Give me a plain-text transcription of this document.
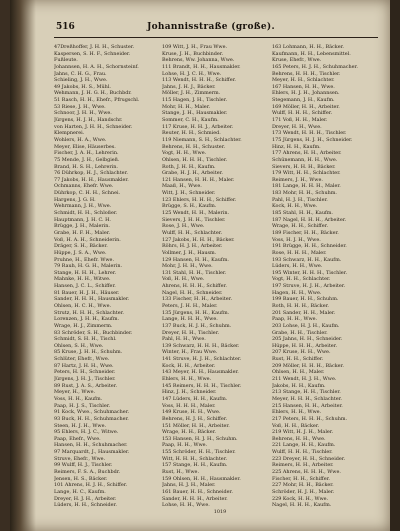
516	Johannisstraße (große).
47Dreßhoffer, J. H. H., Schuster.
Kaspersen, S. H. F., Schneider.
Fußleute.
Johannsen, H. A. H., Schornsteinf.
Jahns, C. H. G., Frau.
Schieling, J. H., Wwe.
49 Jakobs, H. S., Mühl.
Wehmann, J. H. G. H., Buchbdr.
51 Rasch, H. H., Ehefr., Pfrugschl.
53 Riese, J. H., Wwe.
Schnoor, J. H. H., Wwe.
Jürgens, H. J. H., Handschr.
von Harten, J. H. H., Schneider.
Klempnerei.
Wohlers, H. A., Wwe.
Meyer, Elise, Häuserbes.
Fischer, J. A. H., Lehrerin.
75 Mende, J. H., Gelbgieß.
Brand, H. S. H., Lehrerin.
76 Dührkop, H. J., Schlachter.
77 Jakobs, H. H., Hausmakler.
Ochmanns, Ehefr. Wwe.
Dührkop, C. H. H., Schnei.
Hargens, J. G. H.
Wehrmann, J. H., Wwe.
Schmidt, H. H., Schloßer.
Hauptmann, J. H. C. H.
Brügge, J. H., Malerin.
Grabe, H. F. H., Maler.
Voß, H. A. H., Schneiderin.
Dräger, S. H., Bäcker.
Hüppe, J. S. A., Wwe.
Pruhne, H., Ehefr. Wwe.
79 Rauh, H. G. H., Malerin.
Stange, H. H. H., Lehrer.
Mahnke, H. H., Witwe.
Hansen, J. C. L., Schiffer.
81 Bauer, H. J. H., Häuser.
Sander, H. H. H., Hausmakler.
Ohlsen, H. C. H., Wwe.
Strutz, H. H. H., Schlachter.
Lorenzen, J. H. H., Kaufm.
Wrage, H. J., Zimmerm.
83 Schröder, S. H., Buchbinder.
Schmidt, S. H. H., Tischl.
Ohlsen, S. H., Wwe.
85 Kruse, J. H. H., Schuhm.
Schlüter, Ehefr., Wwe.
87 Hartz, J. H. H., Wwe.
Peters, H. H., Schneider.
Jürgens, J. H. J., Tischler.
89 Rust, J. A. S., Arbeiter.
Meyer, H., Wwe.
Voss, H. H., Kaufm.
Paap, H. J. S., Tischler.
91 Kock, Wwe., Schuhmacher.
93 Buck, H. H., Schuhmacher.
Steen, H. J. H., Wwe.
95 Ehlers, H. J. C., Witwe.
Paap, Ehefr., Wwe.
Hansen, H. H., Schuhmacher.
97 Marquardt, J., Hausmakler.
Struve, Ehefr., Wwe.
99 Wulff, H. J., Tischler.
Reimers, F. S. A., Buchbdr.
Jensen, H. S., Bäcker.
101 Ahrens, H. J. H., Schiffer.
Lange, H. C., Kaufm.
Dreyer, H. J. H., Arbeiter.
Lüders, H. H., Schneider.
109 Witt, J. H., Frau Wwe.
Kruse, J. H., Buchbinder.
Behrens, Ww. Johanna, Wwe.
111 Brandt, H. H., Hausmakler.
Lohse, H. J. C. H., Wwe.
113 Wendt, H. H. H., Schiffer.
Jahns, J. H. J., Bäcker.
Möller, J. H., Zimmerm.
115 Hagen, J. H., Tischler.
Mohr, H. H., Maler.
Stange, J. H., Hausmakler.
Sommer, C. H., Kaufm.
117 Kruse, H. H. J., Arbeiter.
Reuter, H. H., Schmied.
119 Niemann, S. H., Schlachter.
Behrens, H. H., Schuster.
Vogt, H. H., Wwe.
Ohlsen, H. H. H., Tischler.
Roth, J. H. H., Kaufm.
Grabe, H. J. H., Arbeiter.
121 Hansen, H. H. H., Maler.
Maaß, H., Wwe.
Witt, J. H., Schneider.
123 Ehlers, H. H. H., Schiffer.
Brügge, S. H., Kaufm.
125 Wendt, H. H., Malerin.
Sievers, J. H. H., Tischler.
Rose, J. H., Wwe.
Wulff, H. H., Schlachter.
127 Jakobs, H. H. H., Bäcker.
Röhrs, H. J. H., Arbeiter.
Vollmer, J. H., Hausm.
129 Hansen, H. H., Kaufm.
Mohr, J. H. H., Wwe.
131 Stahl, H. H., Tischler.
Voß, H. H., Wwe.
Ahrens, H. H. H., Schiffer.
Nagel, H. H., Schneider.
133 Fischer, H. H., Arbeiter.
Peters, J. H. H., Maler.
135 Jürgens, H. H., Kaufm.
Lange, H. H. H., Wwe.
137 Buck, H. J. H., Schuhm.
Dreyer, H. H., Tischler.
Pahl, H. H., Wwe.
139 Schwarz, H. H. H., Bäcker.
Winter, H., Frau Wwe.
141 Struve, H. J. H., Schlachter.
Kock, H. H., Arbeiter.
143 Meyer, H. H., Hausmakler.
Ehlers, H. H., Wwe.
145 Reimers, H. H. H., Tischler.
Hinz, J. H., Schneider.
147 Lüders, H. H., Kaufm.
Voss, H. H. H., Maler.
149 Kruse, H. H., Wwe.
Behrens, H. J. H., Schiffer.
151 Möller, H. H., Arbeiter.
Wrage, H. H., Bäcker.
153 Hansen, H. J. H., Schuhm.
Paap, H. H., Wwe.
155 Schröder, H. H., Tischler.
Witt, H. H. H., Schlachter.
157 Stange, H. H., Kaufm.
Rust, H., Wwe.
159 Ohlsen, H. H., Hausmakler.
Jahns, H. J. H., Maler.
161 Bauer, H. H., Schneider.
Sander, H. H. H., Arbeiter.
Lohse, H. H., Wwe.
163 Lohmann, H. H., Bäcker.
Kaufmann, H. H., Lebensmittel.
Kruse, Ehefr., Wwe.
165 Peters, H. J. H., Schuhmacher.
Behrens, H. H. H., Tischler.
Meyer, H. H., Schlachter.
167 Hansen, H. H., Wwe.
Ehlers, H. J. H., Johannsen.
Stegemann, J. H., Kaufm.
169 Möller, H. H., Arbeiter.
Wulff, H. H. H., Schiffer.
171 Voß, H. H., Maler.
Dreyer, H. H., Wwe.
173 Wendt, H. H. H., Tischler.
175 Jürgens, H. J. H., Schneider.
Hinz, H. H., Kaufm.
177 Ahrens, H. H., Arbeiter.
Schünemann, H. H., Wwe.
Sievers, H. H. H., Bäcker.
179 Witt, H. H., Schlachter.
Reimers, J. H., Wwe.
181 Lange, H. H. H., Maler.
183 Mohr, H. H., Schuhm.
Pahl, H. J. H., Tischler.
Kock, H. H., Wwe.
185 Stahl, H. H., Kaufm.
187 Nagel, H. H. H., Arbeiter.
Wrage, H. H., Schiffer.
189 Fischer, H. H., Bäcker.
Voss, H. J. H., Wwe.
191 Brügge, H. H., Schneider.
Rose, H. H. H., Maler.
193 Schwarz, H. H., Kaufm.
Lüders, H. H., Wwe.
195 Winter, H. H. H., Tischler.
Vogt, H. H., Schlachter.
197 Struve, H. J. H., Arbeiter.
Hagen, H. H., Wwe.
199 Bauer, H. H., Schuhm.
Roth, H. H. H., Bäcker.
201 Sander, H. H., Maler.
Paap, H. H., Wwe.
203 Lohse, H. J. H., Kaufm.
Grabe, H. H., Tischler.
205 Jahns, H. H., Schneider.
Hüppe, H. H. H., Arbeiter.
207 Kruse, H. H., Wwe.
Rust, H. H., Schiffer.
209 Möller, H. H. H., Bäcker.
Ohlsen, H. H., Maler.
211 Wendt, H. J. H., Wwe.
Jakobs, H. H., Kaufm.
213 Stange, H. H., Tischler.
Meyer, H. H. H., Schlachter.
215 Hansen, H. H., Arbeiter.
Ehlers, H. H., Wwe.
217 Peters, H. H. H., Schuhm.
Voß, H. H., Bäcker.
219 Witt, H. J. H., Maler.
Behrens, H. H., Wwe.
221 Lange, H. H., Kaufm.
Wulff, H. H. H., Tischler.
223 Dreyer, H. H., Schneider.
Reimers, H. H., Arbeiter.
225 Ahrens, H. H. H., Wwe.
Fischer, H. H., Schiffer.
227 Mohr, H. H., Bäcker.
Schröder, H. J. H., Maler.
229 Kock, H. H., Wwe.
Nagel, H. H. H., Kaufm.
1019
